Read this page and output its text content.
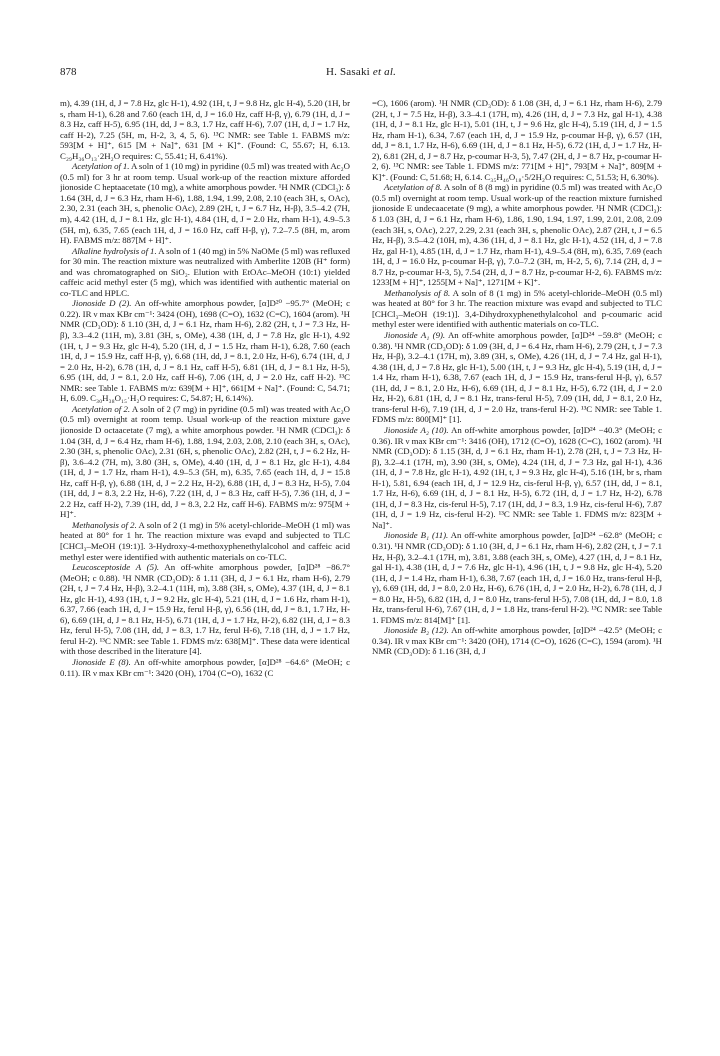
878	H. Sasaki et al.

m), 4.39 (1H, d, J = 7.8 Hz, glc H-1), 4.92 (1H, t, J = 9.8 Hz, glc H-4), 5.20 (1H, br s, rham H-1), 6.28 and 7.60 (each 1H, d, J = 16.0 Hz, caff H-β, γ), 6.79 (1H, d, J = 8.3 Hz, caff H-5), 6.95 (1H, dd, J = 8.3, 1.7 Hz, caff H-6), 7.07 (1H, d, J = 1.7 Hz, caff H-2), 7.25 (5H, m, H-2, 3, 4, 5, 6). ¹³C NMR: see Table 1. FABMS m/z: 593[M + H]⁺, 615 [M + Na]⁺, 631 [M + K]⁺. (Found: C, 55.67; H, 6.13. C₂₉H₃₆O₁₃·2H₂O requires: C, 55.41; H, 6.41%).

Acetylation of 1. A soln of 1 (10 mg) in pyridine (0.5 ml) was treated with Ac₂O (0.5 ml) for 3 hr at room temp. Usual work-up of the reaction mixture afforded jionoside C heptaacetate (10 mg), a white amorphous powder. ¹H NMR (CDCl₃): δ 1.64 (3H, d, J = 6.3 Hz, rham H-6), 1.88, 1.94, 1.99, 2.08, 2.10 (each 3H, s, OAc), 2.30, 2.31 (each 3H, s, phenolic OAc), 2.89 (2H, t, J = 6.7 Hz, H-β), 3.5–4.2 (7H, m), 4.42 (1H, d, J = 8.1 Hz, glc H-1), 4.84 (1H, d, J = 2.0 Hz, rham H-1), 4.9–5.3 (5H, m), 6.35, 7.65 (each 1H, d, J = 16.0 Hz, caff H-β, γ), 7.2–7.5 (8H, m, arom H). FABMS m/z: 887[M + H]⁺.

Alkaline hydrolysis of 1. A soln of 1 (40 mg) in 5% NaOMe (5 ml) was refluxed for 30 min. The reaction mixture was neutralized with Amberlite 120B (H⁺ form) and was chromatographed on SiO₂. Elution with EtOAc–MeOH (10:1) yielded caffeic acid methyl ester (5 mg), which was identified with authentic material on co-TLC and HPLC.

Jionoside D (2). An off-white amorphous powder, [α]D²⁰ −95.7° (MeOH; c 0.22). IR ν max KBr cm⁻¹: 3424 (OH), 1698 (C=O), 1632 (C=C), 1604 (arom). ¹H NMR (CD₃OD): δ 1.10 (3H, d, J = 6.1 Hz, rham H-6), 2.82 (2H, t, J = 7.3 Hz, H-β), 3.3–4.2 (11H, m), 3.81 (3H, s, OMe), 4.38 (1H, d, J = 7.8 Hz, glc H-1), 4.92 (1H, t, J = 9.3 Hz, glc H-4), 5.20 (1H, d, J = 1.5 Hz, rham H-1), 6.28, 7.60 (each 1H, d, J = 15.9 Hz, caff H-β, γ), 6.68 (1H, dd, J = 8.1, 2.0 Hz, H-6), 6.74 (1H, d, J = 2.0 Hz, H-2), 6.78 (1H, d, J = 8.1 Hz, caff H-5), 6.81 (1H, d, J = 8.1 Hz, H-5), 6.95 (1H, dd, J = 8.1, 2.0 Hz, caff H-6), 7.06 (1H, d, J = 2.0 Hz, caff H-2). ¹³C NMR: see Table 1. FABMS m/z: 639[M + H]⁺, 661[M + Na]⁺. (Found: C, 54.71; H, 6.09. C₃₀H₃₈O₁₅·H₂O requires: C, 54.87; H, 6.14%).

Acetylation of 2. A soln of 2 (7 mg) in pyridine (0.5 ml) was treated with Ac₂O (0.5 ml) overnight at room temp. Usual work-up of the reaction mixture gave jionoside D octaacetate (7 mg), a white amorphous powder. ¹H NMR (CDCl₃): δ 1.04 (3H, d, J = 6.4 Hz, rham H-6), 1.88, 1.94, 2.03, 2.08, 2.10 (each 3H, s, OAc), 2.30 (3H, s, phenolic OAc), 2.31 (6H, s, phenolic OAc), 2.82 (2H, t, J = 6.2 Hz, H-β), 3.6–4.2 (7H, m), 3.80 (3H, s, OMe), 4.40 (1H, d, J = 8.1 Hz, glc H-1), 4.84 (1H, d, J = 1.7 Hz, rham H-1), 4.9–5.3 (5H, m), 6.35, 7.65 (each 1H, d, J = 15.8 Hz, caff H-β, γ), 6.88 (1H, d, J = 2.2 Hz, H-2), 6.88 (1H, d, J = 8.3 Hz, H-5), 7.04 (1H, dd, J = 8.3, 2.2 Hz, H-6), 7.22 (1H, d, J = 8.3 Hz, caff H-5), 7.36 (1H, d, J = 2.2 Hz, caff H-2), 7.39 (1H, dd, J = 8.3, 2.2 Hz, caff H-6). FABMS m/z: 975[M + H]⁺.

Methanolysis of 2. A soln of 2 (1 mg) in 5% acetyl-chloride–MeOH (1 ml) was heated at 80° for 1 hr. The reaction mixture was evapd and subjected to TLC [CHCl₃–MeOH (19:1)]. 3-Hydroxy-4-methoxyphenethylalcohol and caffeic acid methyl ester were identified with authentic materials on co-TLC.

Leucosceptoside A (5). An off-white amorphous powder, [α]D²⁸ −86.7° (MeOH; c 0.88). ¹H NMR (CD₃OD): δ 1.11 (3H, d, J = 6.1 Hz, rham H-6), 2.79 (2H, t, J = 7.4 Hz, H-β), 3.2–4.1 (11H, m), 3.88 (3H, s, OMe), 4.37 (1H, d, J = 8.1 Hz, glc H-1), 4.93 (1H, t, J = 9.2 Hz, glc H-4), 5.21 (1H, d, J = 1.6 Hz, rham H-1), 6.37, 7.66 (each 1H, d, J = 15.9 Hz, ferul H-β, γ), 6.56 (1H, dd, J = 8.1, 1.7 Hz, H-6), 6.69 (1H, d, J = 8.1 Hz, H-5), 6.71 (1H, d, J = 1.7 Hz, H-2), 6.82 (1H, d, J = 8.3 Hz, ferul H-5), 7.08 (1H, dd, J = 8.3, 1.7 Hz, ferul H-6), 7.18 (1H, d, J = 1.7 Hz, ferul H-2). ¹³C NMR: see Table 1. FDMS m/z: 638[M]⁺. These data were identical with those described in the literature [4].

Jionoside E (8). An off-white amorphous powder, [α]D²⁸ −64.6° (MeOH; c 0.11). IR ν max KBr cm⁻¹: 3420 (OH), 1704 (C=O), 1632 (C

=C), 1606 (arom). ¹H NMR (CD₃OD): δ 1.08 (3H, d, J = 6.1 Hz, rham H-6), 2.79 (2H, t, J = 7.5 Hz, H-β), 3.3–4.1 (17H, m), 4.26 (1H, d, J = 7.3 Hz, gal H-1), 4.38 (1H, d, J = 8.1 Hz, glc H-1), 5.01 (1H, t, J = 9.6 Hz, glc H-4), 5.19 (1H, d, J = 1.5 Hz, rham H-1), 6.34, 7.67 (each 1H, d, J = 15.9 Hz, p-coumar H-β, γ), 6.57 (1H, dd, J = 8.1, 1.7 Hz, H-6), 6.69 (1H, d, J = 8.1 Hz, H-5), 6.72 (1H, d, J = 1.7 Hz, H-2), 6.81 (2H, d, J = 8.7 Hz, p-coumar H-3, 5), 7.47 (2H, d, J = 8.7 Hz, p-coumar H-2, 6). ¹³C NMR: see Table 1. FDMS m/z: 771[M + H]⁺, 793[M + Na]⁺, 809[M + K]⁺. (Found: C, 51.68; H, 6.14. C₃₅H₄₆O₁₈·5/2H₂O requires: C, 51.53; H, 6.30%).

Acetylation of 8. A soln of 8 (8 mg) in pyridine (0.5 ml) was treated with Ac₂O (0.5 ml) overnight at room temp. Usual work-up of the reaction mixture furnished jionoside E undecaacetate (9 mg), a white amorphous powder. ¹H NMR (CDCl₃): δ 1.03 (3H, d, J = 6.1 Hz, rham H-6), 1.86, 1.90, 1.94, 1.97, 1.99, 2.01, 2.08, 2.09 (each 3H, s, OAc), 2.27, 2.29, 2.31 (each 3H, s, phenolic OAc), 2.87 (2H, t, J = 6.5 Hz, H-β), 3.5–4.2 (10H, m), 4.36 (1H, d, J = 8.1 Hz, glc H-1), 4.52 (1H, d, J = 7.8 Hz, gal H-1), 4.85 (1H, d, J = 1.7 Hz, rham H-1), 4.9–5.4 (8H, m), 6.35, 7.69 (each 1H, d, J = 16.0 Hz, p-coumar H-β, γ), 7.0–7.2 (3H, m, H-2, 5, 6), 7.14 (2H, d, J = 8.7 Hz, p-coumar H-3, 5), 7.54 (2H, d, J = 8.7 Hz, p-coumar H-2, 6). FABMS m/z: 1233[M + H]⁺, 1255[M + Na]⁺, 1271[M + K]⁺.

Methanolysis of 8. A soln of 8 (1 mg) in 5% acetyl-chloride–MeOH (0.5 ml) was heated at 80° for 3 hr. The reaction mixture was evapd and subjected to TLC [CHCl₃–MeOH (19:1)]. 3,4-Dihydroxyphenethylalcohol and p-coumaric acid methyl ester were identified with authentic materials on co-TLC.

Jionoside A₁ (9). An off-white amorphous powder, [α]D²⁴ −59.8° (MeOH; c 0.38). ¹H NMR (CD₃OD): δ 1.09 (3H, d, J = 6.4 Hz, rham H-6), 2.79 (2H, t, J = 7.3 Hz, H-β), 3.2–4.1 (17H, m), 3.89 (3H, s, OMe), 4.26 (1H, d, J = 7.4 Hz, gal H-1), 4.38 (1H, d, J = 7.8 Hz, glc H-1), 5.00 (1H, t, J = 9.3 Hz, glc H-4), 5.19 (1H, d, J = 1.4 Hz, rham H-1), 6.38, 7.67 (each 1H, d, J = 15.9 Hz, trans-ferul H-β, γ), 6.57 (1H, dd, J = 8.1, 2.0 Hz, H-6), 6.69 (1H, d, J = 8.1 Hz, H-5), 6.72 (1H, d, J = 2.0 Hz, H-2), 6.81 (1H, d, J = 8.1 Hz, trans-ferul H-5), 7.09 (1H, dd, J = 8.1, 2.0 Hz, trans-ferul H-6), 7.19 (1H, d, J = 2.0 Hz, trans-ferul H-2). ¹³C NMR: see Table 1. FDMS m/z: 800[M]⁺ [1].

Jionoside A₂ (10). An off-white amorphous powder, [α]D²⁴ −40.3° (MeOH; c 0.36). IR ν max KBr cm⁻¹: 3416 (OH), 1712 (C=O), 1628 (C=C), 1602 (arom). ¹H NMR (CD₃OD): δ 1.15 (3H, d, J = 6.1 Hz, rham H-1), 2.78 (2H, t, J = 7.3 Hz, H-β), 3.2–4.1 (17H, m), 3.90 (3H, s, OMe), 4.24 (1H, d, J = 7.3 Hz, gal H-1), 4.36 (1H, d, J = 7.8 Hz, glc H-1), 4.92 (1H, t, J = 9.3 Hz, glc H-4), 5.16 (1H, br s, rham H-1), 5.81, 6.94 (each 1H, d, J = 12.9 Hz, cis-ferul H-β, γ), 6.57 (1H, dd, J = 8.1, 1.7 Hz, H-6), 6.69 (1H, d, J = 8.1 Hz, H-5), 6.72 (1H, d, J = 1.7 Hz, H-2), 6.78 (1H, d, J = 8.3 Hz, cis-ferul H-5), 7.17 (1H, dd, J = 8.3, 1.9 Hz, cis-ferul H-6), 7.87 (1H, d, J = 1.9 Hz, cis-ferul H-2). ¹³C NMR: see Table 1. FDMS m/z: 823[M + Na]⁺.

Jionoside B₁ (11). An off-white amorphous powder, [α]D²⁴ −62.8° (MeOH; c 0.31). ¹H NMR (CD₃OD): δ 1.10 (3H, d, J = 6.1 Hz, rham H-6), 2.82 (2H, t, J = 7.1 Hz, H-β), 3.2–4.1 (17H, m), 3.81, 3.88 (each 3H, s, OMe), 4.27 (1H, d, J = 8.1 Hz, gal H-1), 4.38 (1H, d, J = 7.6 Hz, glc H-1), 4.96 (1H, t, J = 9.8 Hz, glc H-4), 5.20 (1H, d, J = 1.4 Hz, rham H-1), 6.38, 7.67 (each 1H, d, J = 16.0 Hz, trans-ferul H-β, γ), 6.69 (1H, dd, J = 8.0, 2.0 Hz, H-6), 6.76 (1H, d, J = 2.0 Hz, H-2), 6.78 (1H, d, J = 8.0 Hz, H-5), 6.82 (1H, d, J = 8.0 Hz, trans-ferul H-5), 7.08 (1H, dd, J = 8.0, 1.8 Hz, trans-ferul H-6), 7.67 (1H, d, J = 1.8 Hz, trans-ferul H-2). ¹³C NMR: see Table 1. FDMS m/z: 814[M]⁺ [1].

Jionoside B₂ (12). An off-white amorphous powder, [α]D²⁴ −42.5° (MeOH; c 0.34). IR ν max KBr cm⁻¹: 3420 (OH), 1714 (C=O), 1626 (C=C), 1594 (arom). ¹H NMR (CD₃OD): δ 1.16 (3H, d, J
